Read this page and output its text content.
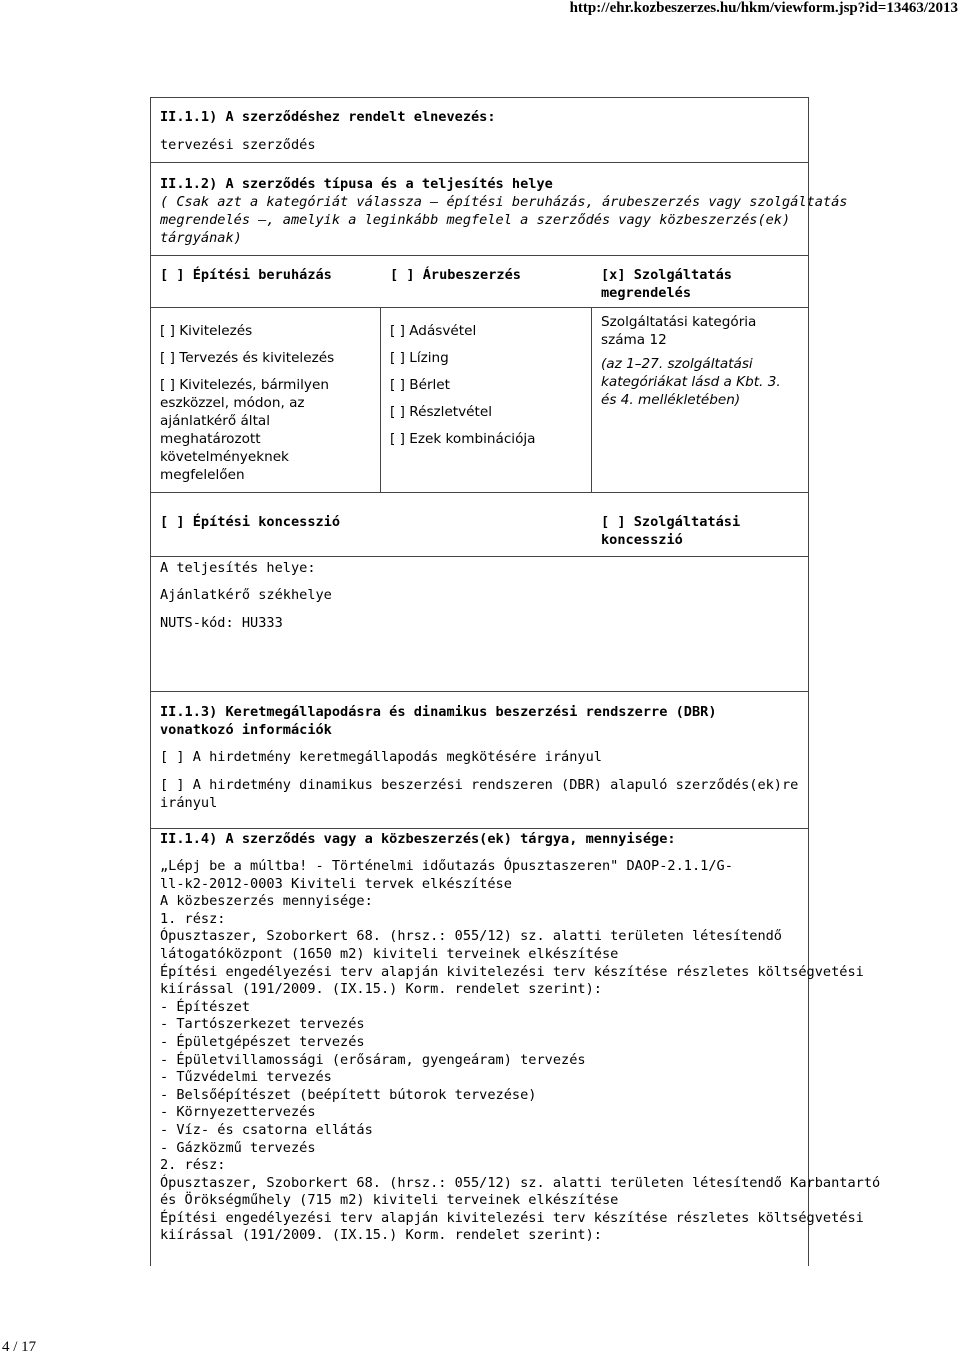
http://ehr.kozbeszerzes.hu/hkm/viewform.jsp?id=13463/2013
II.1.1) A szerződéshez rendelt elnevezés:
tervezési szerződés
II.1.2) A szerződés típusa és a teljesítés helye
( Csak azt a kategóriát válassza – építési beruházás, árubeszerzés vagy szolgáltatás
megrendelés –, amelyik a leginkább megfelel a szerződés vagy közbeszerzés(ek)
tárgyának)
[ ] Építési beruházás	[ ] Árubeszerzés	[x] Szolgáltatás
megrendelés

[ ] Kivitelezés

[ ] Tervezés és kivitelezés

[ ] Kivitelezés, bármilyen
eszközzel, módon, az
ajánlatkérő által
meghatározott
követelményeknek
megfelelően

[ ] Adásvétel

[ ] Lízing

[ ] Bérlet

[ ] Részletvétel

[ ] Ezek kombinációja

Szolgáltatási kategória
száma 12
(az 1–27. szolgáltatási
kategóriákat lásd a Kbt. 3.
és 4. mellékletében)
[ ] Építési koncesszió	[ ] Szolgáltatási
koncesszió
A teljesítés helye:
Ajánlatkérő székhelye
NUTS-kód: HU333
II.1.3) Keretmegállapodásra és dinamikus beszerzési rendszerre (DBR)
vonatkozó információk
[ ] A hirdetmény keretmegállapodás megkötésére irányul
[ ] A hirdetmény dinamikus beszerzési rendszeren (DBR) alapuló szerződés(ek)re
irányul
II.1.4) A szerződés vagy a közbeszerzés(ek) tárgya, mennyisége:
„Lépj be a múltba! - Történelmi időutazás Ópusztaszeren" DAOP-2.1.1/G-
ll-k2-2012-0003 Kiviteli tervek elkészítése
A közbeszerzés mennyisége:
1. rész:
Ópusztaszer, Szoborkert 68. (hrsz.: 055/12) sz. alatti területen létesítendő
látogatóközpont (1650 m2) kiviteli terveinek elkészítése
Építési engedélyezési terv alapján kivitelezési terv készítése részletes költségvetési
kiírással (191/2009. (IX.15.) Korm. rendelet szerint):
- Építészet
- Tartószerkezet tervezés
- Épületgépészet tervezés
- Épületvillamossági (erősáram, gyengeáram) tervezés
- Tűzvédelmi tervezés
- Belsőépítészet (beépített bútorok tervezése)
- Környezettervezés
- Víz- és csatorna ellátás
- Gázközmű tervezés
2. rész:
Ópusztaszer, Szoborkert 68. (hrsz.: 055/12) sz. alatti területen létesítendő Karbantartó
és Örökségműhely (715 m2) kiviteli terveinek elkészítése
Építési engedélyezési terv alapján kivitelezési terv készítése részletes költségvetési
kiírással (191/2009. (IX.15.) Korm. rendelet szerint):
4 / 17
